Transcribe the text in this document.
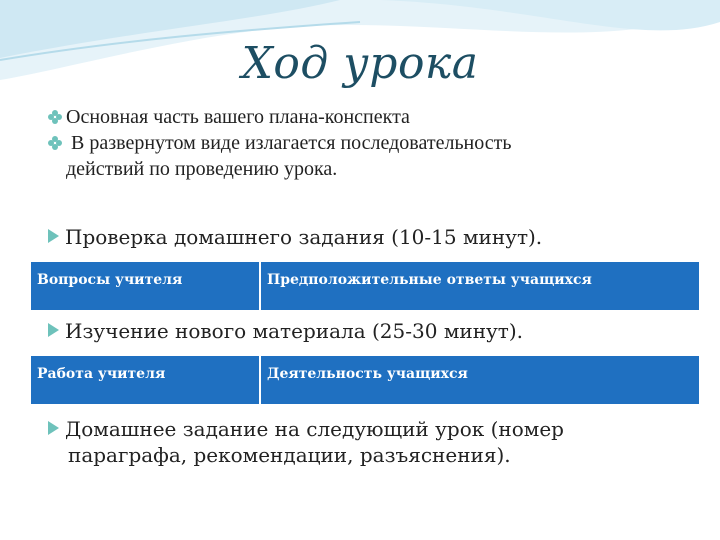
Ход урока
Основная часть вашего плана-конспекта
В развернутом виде излагается последовательность
действий по проведению урока.
Проверка домашнего задания (10-15 минут).
Вопросы учителя	Предположительные ответы учащихся
Изучение нового материала (25-30 минут).
Работа учителя	Деятельность учащихся
Домашнее задание на следующий урок (номер
параграфа, рекомендации, разъяснения).
